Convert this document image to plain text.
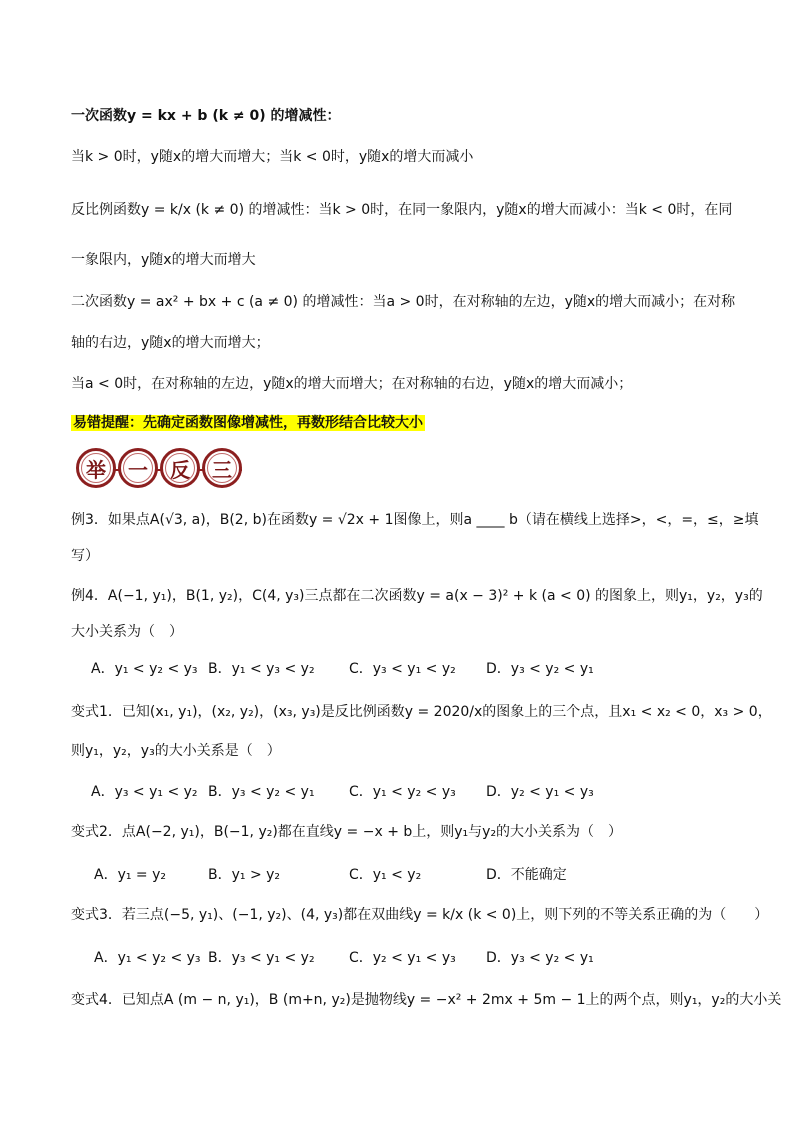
一次函数y = kx + b (k ≠ 0) 的增减性：
当k > 0时，y随x的增大而增大；当k < 0时，y随x的增大而减小
反比例函数y = k/x (k ≠ 0) 的增减性：当k > 0时，在同一象限内，y随x的增大而减小：当k < 0时，在同
一象限内，y随x的增大而增大
二次函数y = ax² + bx + c (a ≠ 0) 的增减性：当a > 0时，在对称轴的左边，y随x的增大而减小；在对称
轴的右边，y随x的增大而增大；
当a < 0时，在对称轴的左边，y随x的增大而增大；在对称轴的右边，y随x的增大而减小；
易错提醒：先确定函数图像增减性，再数形结合比较大小
举	一	反	三
例3．如果点A(√3, a)，B(2, b)在函数y = √2x + 1图像上，则a ____ b（请在横线上选择>，<，=，≤，≥填
写）
例4．A(−1, y₁)，B(1, y₂)，C(4, y₃)三点都在二次函数y = a(x − 3)² + k (a < 0) 的图象上，则y₁，y₂，y₃的
大小关系为（　）
A．y₁ < y₂ < y₃ B．y₁ < y₃ < y₂ C．y₃ < y₁ < y₂ D．y₃ < y₂ < y₁
变式1．已知(x₁, y₁)，(x₂, y₂)，(x₃, y₃)是反比例函数y = 2020/x的图象上的三个点，且x₁ < x₂ < 0，x₃ > 0，
则y₁，y₂，y₃的大小关系是（　）
A．y₃ < y₁ < y₂ B．y₃ < y₂ < y₁ C．y₁ < y₂ < y₃ D．y₂ < y₁ < y₃
变式2．点A(−2, y₁)，B(−1, y₂)都在直线y = −x + b上，则y₁与y₂的大小关系为（　）
A．y₁ = y₂	B．y₁ > y₂	C．y₁ < y₂	D．不能确定
变式3．若三点(−5, y₁)、(−1, y₂)、(4, y₃)都在双曲线y = k/x (k < 0)上，则下列的不等关系正确的为（　　）
A．y₁ < y₂ < y₃ B．y₃ < y₁ < y₂ C．y₂ < y₁ < y₃ D．y₃ < y₂ < y₁
变式4．已知点A (m − n, y₁)，B (m+n, y₂)是抛物线y = −x² + 2mx + 5m − 1上的两个点，则y₁，y₂的大小关
